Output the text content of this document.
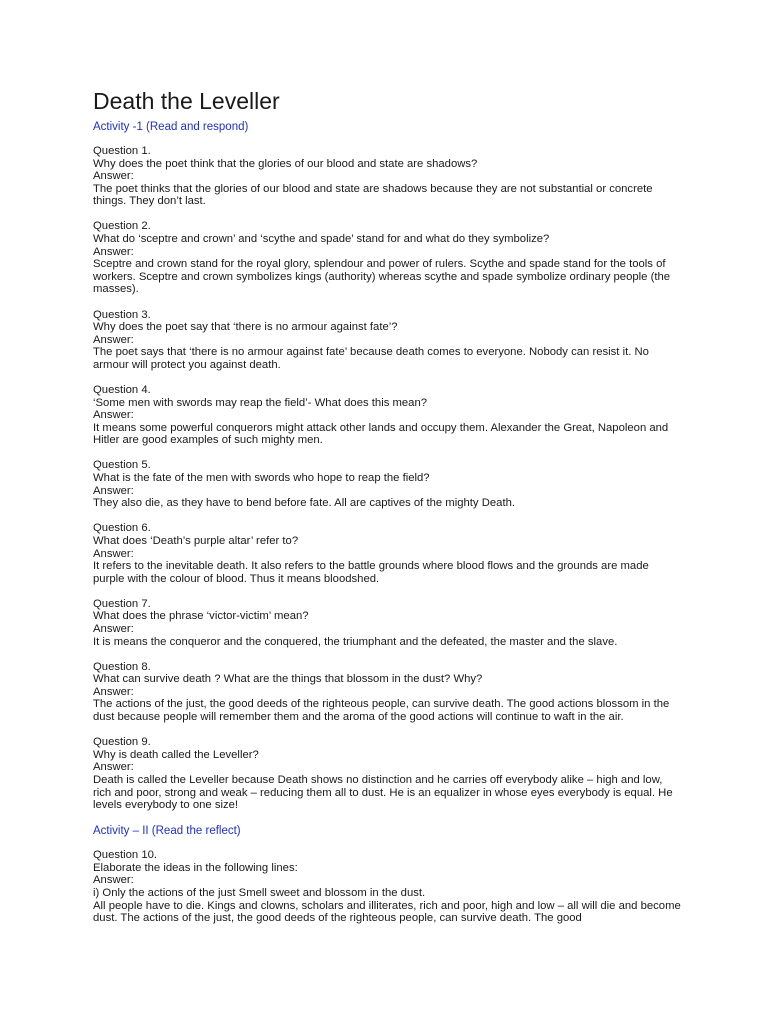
Death the Leveller
Activity -1 (Read and respond)
Question 1.
Why does the poet think that the glories of our blood and state are shadows?
Answer:
The poet thinks that the glories of our blood and state are shadows because they are not substantial or concrete things. They don’t last.
Question 2.
What do ‘sceptre and crown’ and ‘scythe and spade’ stand for and what do they symbolize?
Answer:
Sceptre and crown stand for the royal glory, splendour and power of rulers. Scythe and spade stand for the tools of workers. Sceptre and crown symbolizes kings (authority) whereas scythe and spade symbolize ordinary people (the masses).
Question 3.
Why does the poet say that ‘there is no armour against fate’?
Answer:
The poet says that ‘there is no armour against fate’ because death comes to everyone. Nobody can resist it. No armour will protect you against death.
Question 4.
‘Some men with swords may reap the field’- What does this mean?
Answer:
It means some powerful conquerors might attack other lands and occupy them. Alexander the Great, Napoleon and Hitler are good examples of such mighty men.
Question 5.
What is the fate of the men with swords who hope to reap the field?
Answer:
They also die, as they have to bend before fate. All are captives of the mighty Death.
Question 6.
What does ‘Death’s purple altar’ refer to?
Answer:
It refers to the inevitable death. It also refers to the battle grounds where blood flows and the grounds are made purple with the colour of blood. Thus it means bloodshed.
Question 7.
What does the phrase ‘victor-victim’ mean?
Answer:
It is means the conqueror and the conquered, the triumphant and the defeated, the master and the slave.
Question 8.
What can survive death ? What are the things that blossom in the dust? Why?
Answer:
The actions of the just, the good deeds of the righteous people, can survive death. The good actions blossom in the dust because people will remember them and the aroma of the good actions will continue to waft in the air.
Question 9.
Why is death called the Leveller?
Answer:
Death is called the Leveller because Death shows no distinction and he carries off everybody alike – high and low, rich and poor, strong and weak – reducing them all to dust. He is an equalizer in whose eyes everybody is equal. He levels everybody to one size!
Activity – II (Read the reflect)
Question 10.
Elaborate the ideas in the following lines:
Answer:
i) Only the actions of the just Smell sweet and blossom in the dust.
All people have to die. Kings and clowns, scholars and illiterates, rich and poor, high and low – all will die and become dust. The actions of the just, the good deeds of the righteous people, can survive death. The good
